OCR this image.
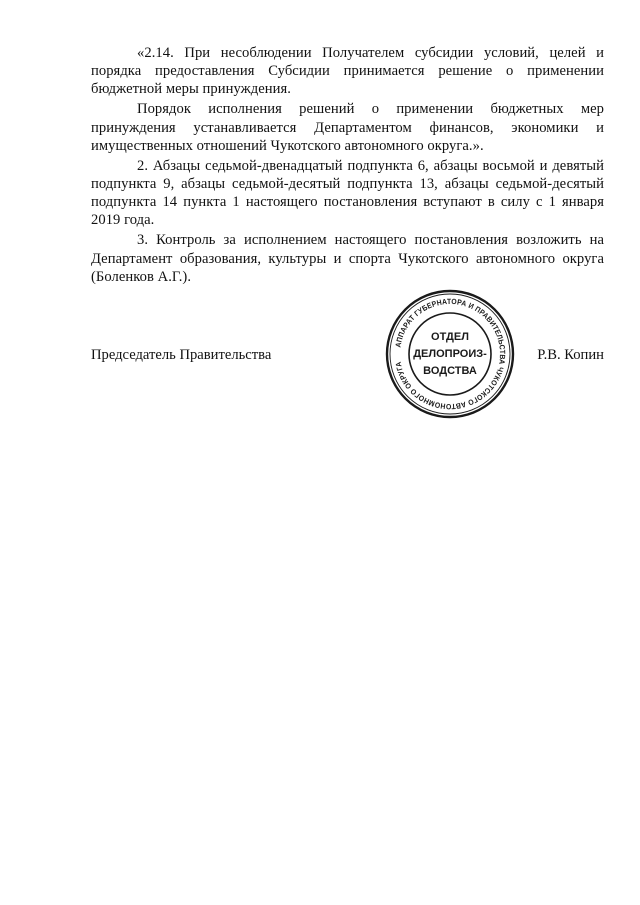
«2.14. При несоблюдении Получателем субсидии условий, целей и порядка предоставления Субсидии принимается решение о применении бюджетной меры принуждения.

Порядок исполнения решений о применении бюджетных мер принуждения устанавливается Департаментом финансов, экономики и имущественных отношений Чукотского автономного округа.».

2. Абзацы седьмой-двенадцатый подпункта 6, абзацы восьмой и девятый подпункта 9, абзацы седьмой-десятый подпункта 13, абзацы седьмой-десятый подпункта 14 пункта 1 настоящего постановления вступают в силу с 1 января 2019 года.

3. Контроль за исполнением настоящего постановления возложить на Департамент образования, культуры и спорта Чукотского автономного округа (Боленков А.Г.).

Председатель Правительства
АППАРАТ ГУБЕРНАТОРА И ПРАВИТЕЛЬСТВА ЧУКОТСКОГО АВТОНОМНОГО ОКРУГА
ОТДЕЛ
ДЕЛОПРОИЗ-
ВОДСТВА
Р.В. Копин
